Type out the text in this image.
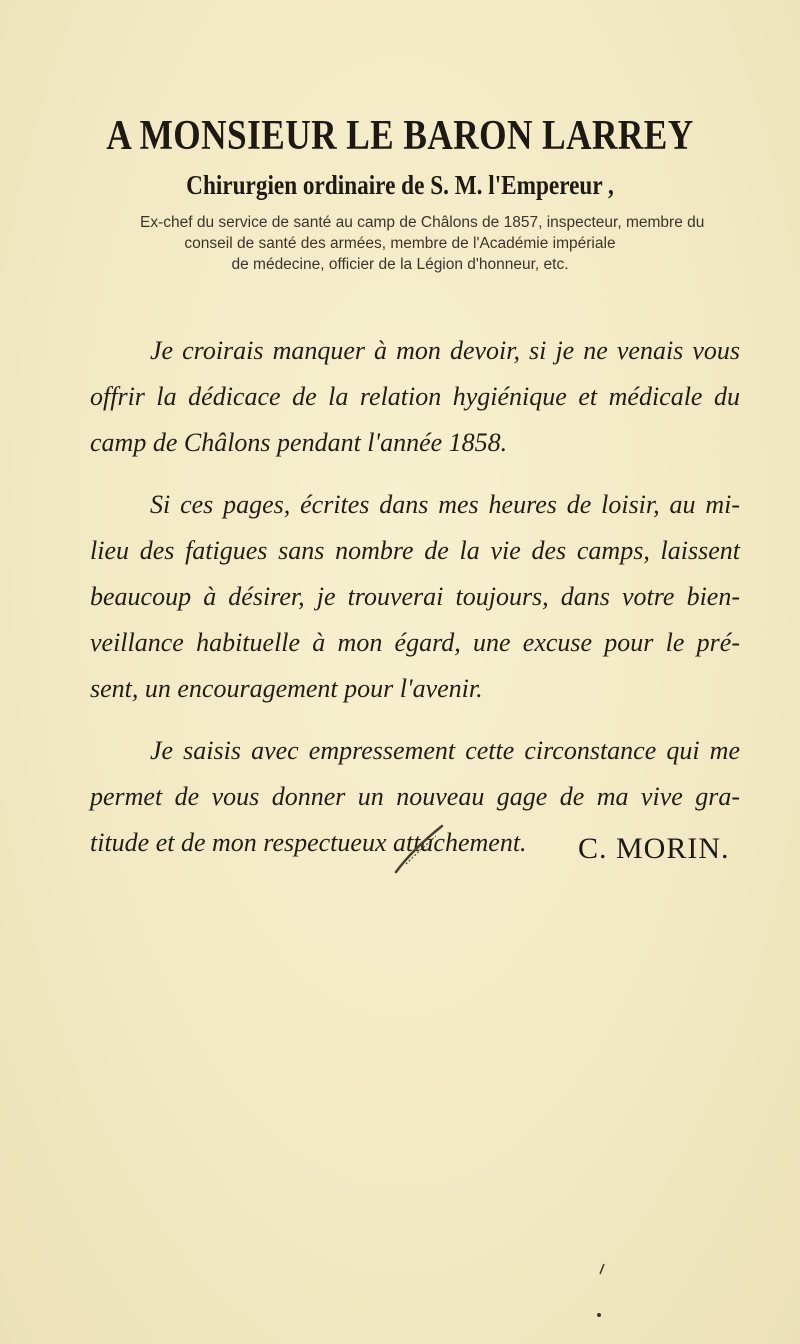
A MONSIEUR LE BARON LARREY
Chirurgien ordinaire de S. M. l'Empereur ,
Ex-chef du service de santé au camp de Châlons de 1857, inspecteur, membre du
conseil de santé des armées, membre de l'Académie impériale
de médecine, officier de la Légion d'honneur, etc.
Je croirais manquer à mon devoir, si je ne venais vous
offrir la dédicace de la relation hygiénique et médicale du
camp de Châlons pendant l'année 1858.
Si ces pages, écrites dans mes heures de loisir, au mi-
lieu des fatigues sans nombre de la vie des camps, laissent
beaucoup à désirer, je trouverai toujours, dans votre bien-
veillance habituelle à mon égard, une excuse pour le pré-
sent, un encouragement pour l'avenir.
Je saisis avec empressement cette circonstance qui me
permet de vous donner un nouveau gage de ma vive gra-
titude et de mon respectueux attachement.	C. MORIN.
